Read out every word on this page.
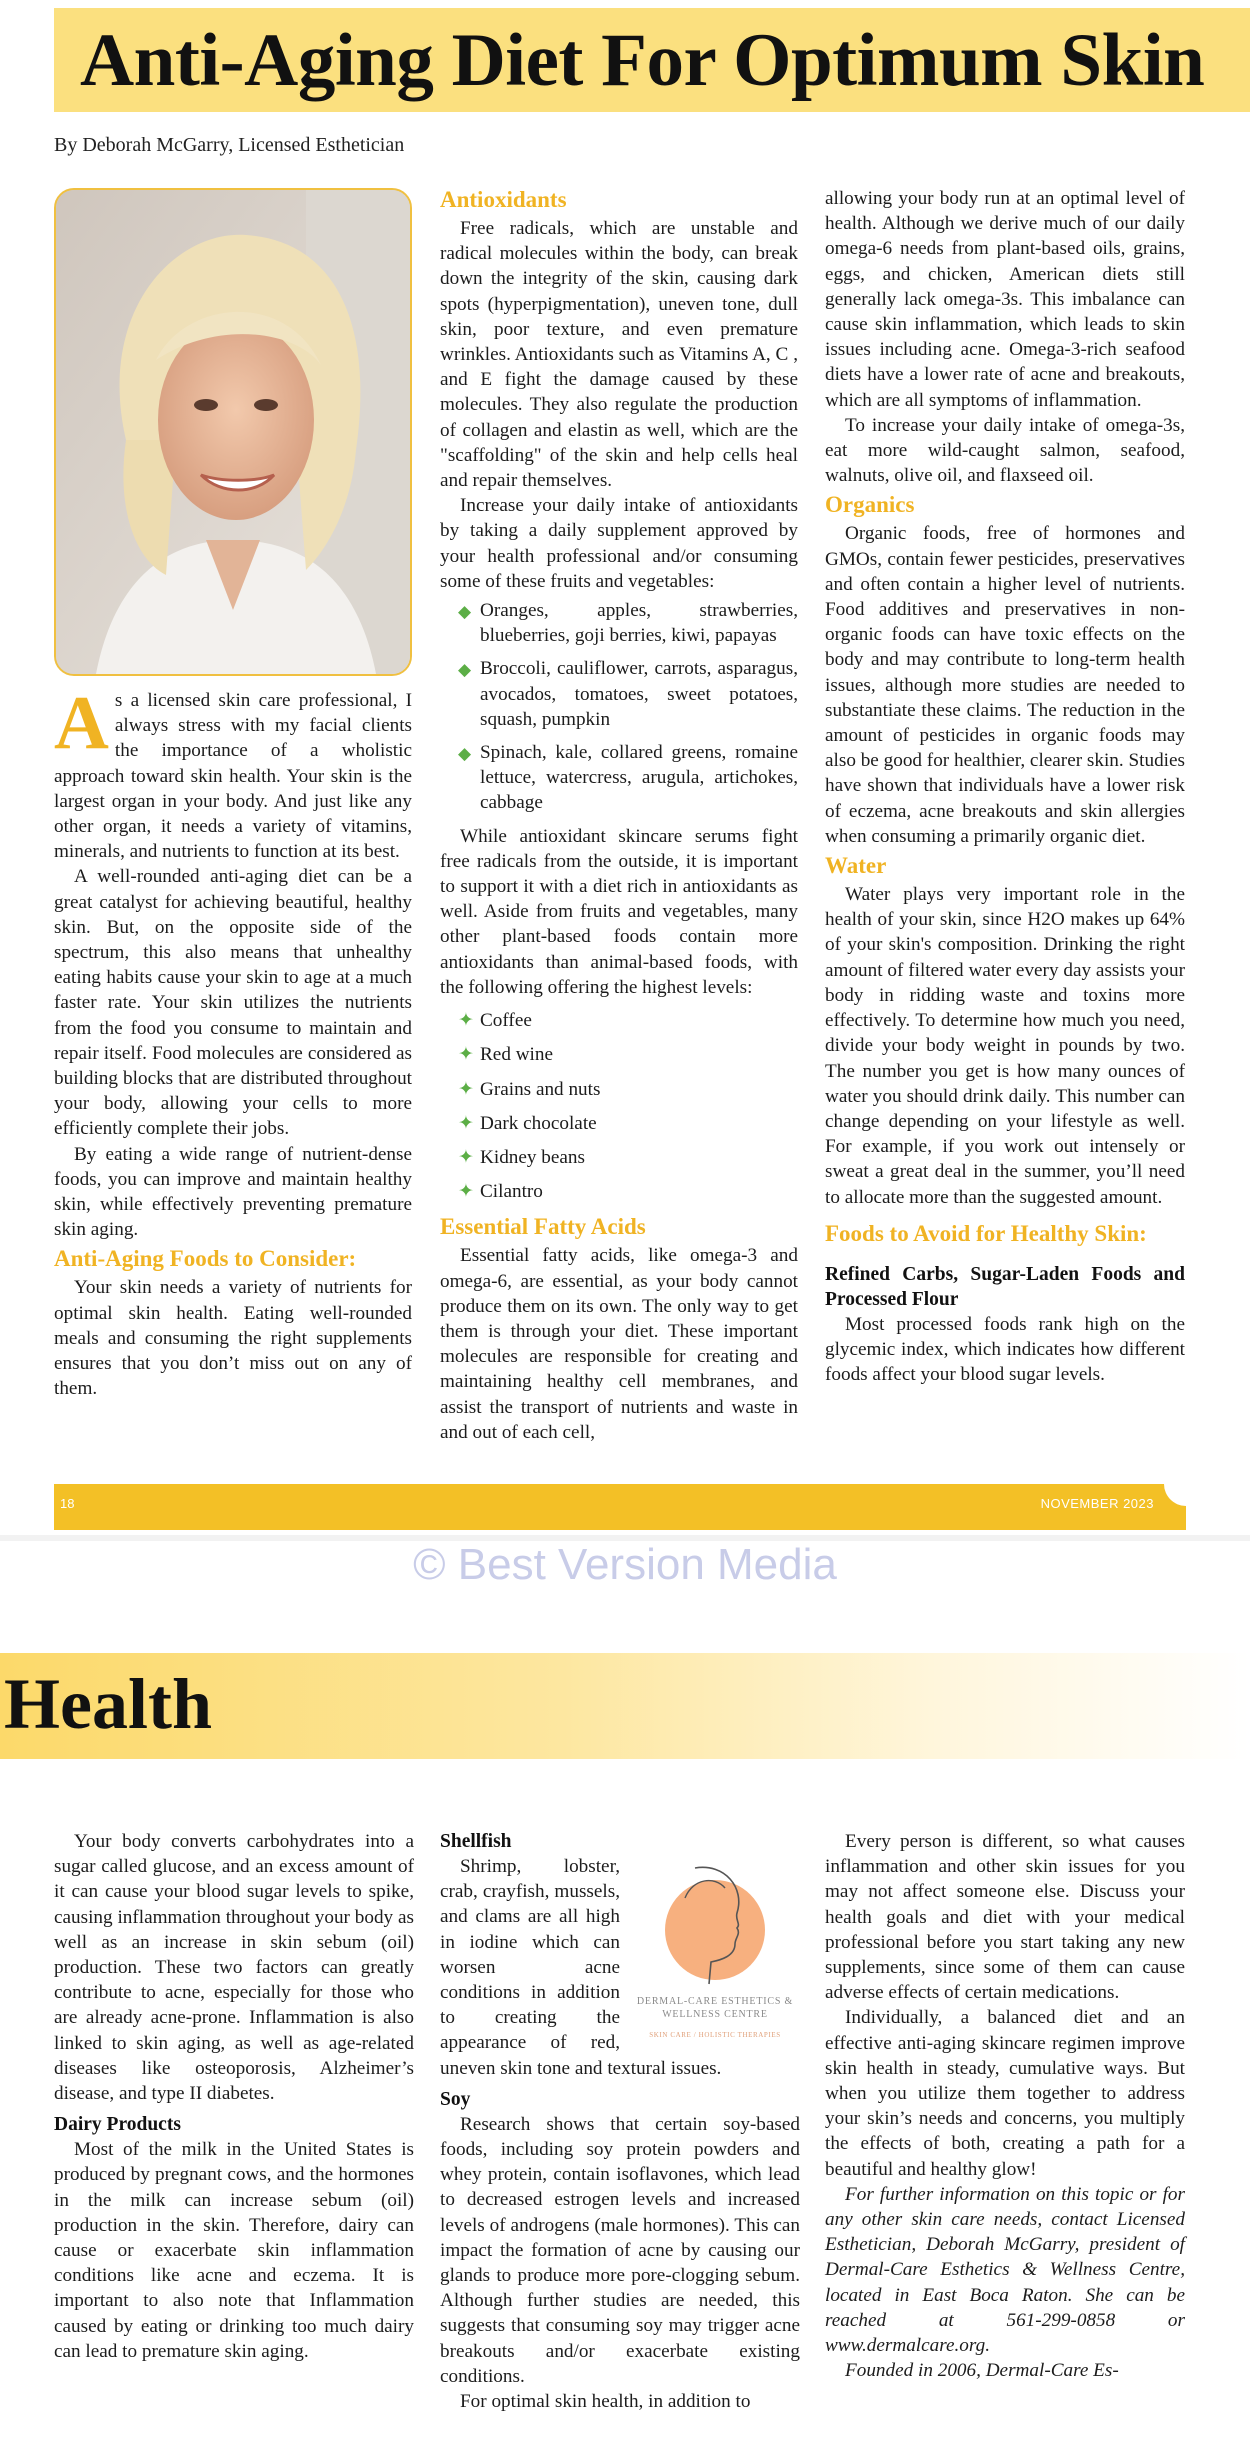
Anti-Aging Diet For Optimum Skin
By Deborah McGarry, Licensed Esthetician

As a licensed skin care professional, I always stress with my facial clients the importance of a wholistic approach toward skin health. Your skin is the largest organ in your body. And just like any other organ, it needs a variety of vitamins, minerals, and nutrients to function at its best.

A well-rounded anti-aging diet can be a great catalyst for achieving beautiful, healthy skin. But, on the opposite side of the spectrum, this also means that unhealthy eating habits cause your skin to age at a much faster rate. Your skin utilizes the nutrients from the food you consume to maintain and repair itself. Food molecules are considered as building blocks that are distributed throughout your body, allowing your cells to more efficiently complete their jobs.

By eating a wide range of nutrient-dense foods, you can improve and maintain healthy skin, while effectively preventing premature skin aging.

Anti-Aging Foods to Consider:

Your skin needs a variety of nutrients for optimal skin health. Eating well-rounded meals and consuming the right supplements ensures that you don’t miss out on any of them.

Antioxidants

Free radicals, which are unstable and radical molecules within the body, can break down the integrity of the skin, causing dark spots (hyperpigmentation), uneven tone, dull skin, poor texture, and even premature wrinkles. Antioxidants such as Vitamins A, C , and E fight the damage caused by these molecules. They also regulate the production of collagen and elastin as well, which are the "scaffolding" of the skin and help cells heal and repair themselves.

Increase your daily intake of antioxidants by taking a daily supplement approved by your health professional and/or consuming some of these fruits and vegetables:

◆ Oranges, apples, strawberries, blueberries, goji berries, kiwi, papayas
◆ Broccoli, cauliflower, carrots, asparagus, avocados, tomatoes, sweet potatoes, squash, pumpkin
◆ Spinach, kale, collared greens, romaine lettuce, watercress, arugula, artichokes, cabbage

While antioxidant skincare serums fight free radicals from the outside, it is important to support it with a diet rich in antioxidants as well. Aside from fruits and vegetables, many other plant-based foods contain more antioxidants than animal-based foods, with the following offering the highest levels:

✦ Coffee
✦ Red wine
✦ Grains and nuts
✦ Dark chocolate
✦ Kidney beans
✦ Cilantro
Essential Fatty Acids

Essential fatty acids, like omega-3 and omega-6, are essential, as your body cannot produce them on its own. The only way to get them is through your diet. These important molecules are responsible for creating and maintaining healthy cell membranes, and assist the transport of nutrients and waste in and out of each cell,

allowing your body run at an optimal level of health. Although we derive much of our daily omega-6 needs from plant-based oils, grains, eggs, and chicken, American diets still generally lack omega-3s. This imbalance can cause skin inflammation, which leads to skin issues including acne. Omega-3-rich seafood diets have a lower rate of acne and breakouts, which are all symptoms of inflammation.

To increase your daily intake of omega-3s, eat more wild-caught salmon, seafood, walnuts, olive oil, and flaxseed oil.

Organics

Organic foods, free of hormones and GMOs, contain fewer pesticides, preservatives and often contain a higher level of nutrients. Food additives and preservatives in non-organic foods can have toxic effects on the body and may contribute to long-term health issues, although more studies are needed to substantiate these claims. The reduction in the amount of pesticides in organic foods may also be good for healthier, clearer skin. Studies have shown that individuals have a lower risk of eczema, acne breakouts and skin allergies when consuming a primarily organic diet.

Water

Water plays very important role in the health of your skin, since H2O makes up 64% of your skin's composition. Drinking the right amount of filtered water every day assists your body in ridding waste and toxins more effectively. To determine how much you need, divide your body weight in pounds by two. The number you get is how many ounces of water you should drink daily. This number can change depending on your lifestyle as well. For example, if you work out intensely or sweat a great deal in the summer, you’ll need to allocate more than the suggested amount.

Foods to Avoid for Healthy Skin:
Refined Carbs, Sugar-Laden Foods and Processed Flour

Most processed foods rank high on the glycemic index, which indicates how different foods affect your blood sugar levels.

18	NOVEMBER 2023
© Best Version Media
Health

Your body converts carbohydrates into a sugar called glucose, and an excess amount of it can cause your blood sugar levels to spike, causing inflammation throughout your body as well as an increase in skin sebum (oil) production. These two factors can greatly contribute to acne, especially for those who are already acne-prone. Inflammation is also linked to skin aging, as well as age-related diseases like osteoporosis, Alzheimer’s disease, and type II diabetes.

Dairy Products

Most of the milk in the United States is produced by pregnant cows, and the hormones in the milk can increase sebum (oil) production in the skin. Therefore, dairy can cause or exacerbate skin inflammation conditions like acne and eczema. It is important to also note that Inflammation caused by eating or drinking too much dairy can lead to premature skin aging.

Shellfish
DERMAL-CARE ESTHETICS & WELLNESS CENTRE
SKIN CARE / HOLISTIC THERAPIES

Shrimp, lobster, crab, crayfish, mussels, and clams are all high in iodine which can worsen acne conditions in addition to creating the appearance of red, uneven skin tone and textural issues.

Soy

Research shows that certain soy-based foods, including soy protein powders and whey protein, contain isoflavones, which lead to decreased estrogen levels and increased levels of androgens (male hormones). This can impact the formation of acne by causing our glands to produce more pore-clogging sebum. Although further studies are needed, this suggests that consuming soy may trigger acne breakouts and/or exacerbate existing conditions.

For optimal skin health, in addition to

Every person is different, so what causes inflammation and other skin issues for you may not affect someone else. Discuss your health goals and diet with your medical professional before you start taking any new supplements, since some of them can cause adverse effects of certain medications.

Individually, a balanced diet and an effective anti-aging skincare regimen improve skin health in steady, cumulative ways. But when you utilize them together to address your skin’s needs and concerns, you multiply the effects of both, creating a path for a beautiful and healthy glow!

For further information on this topic or for any other skin care needs, contact Licensed Esthetician, Deborah McGarry, president of Dermal-Care Esthetics & Wellness Centre, located in East Boca Raton. She can be reached at 561-299-0858 or www.dermalcare.org.

Founded in 2006, Dermal-Care Es-
